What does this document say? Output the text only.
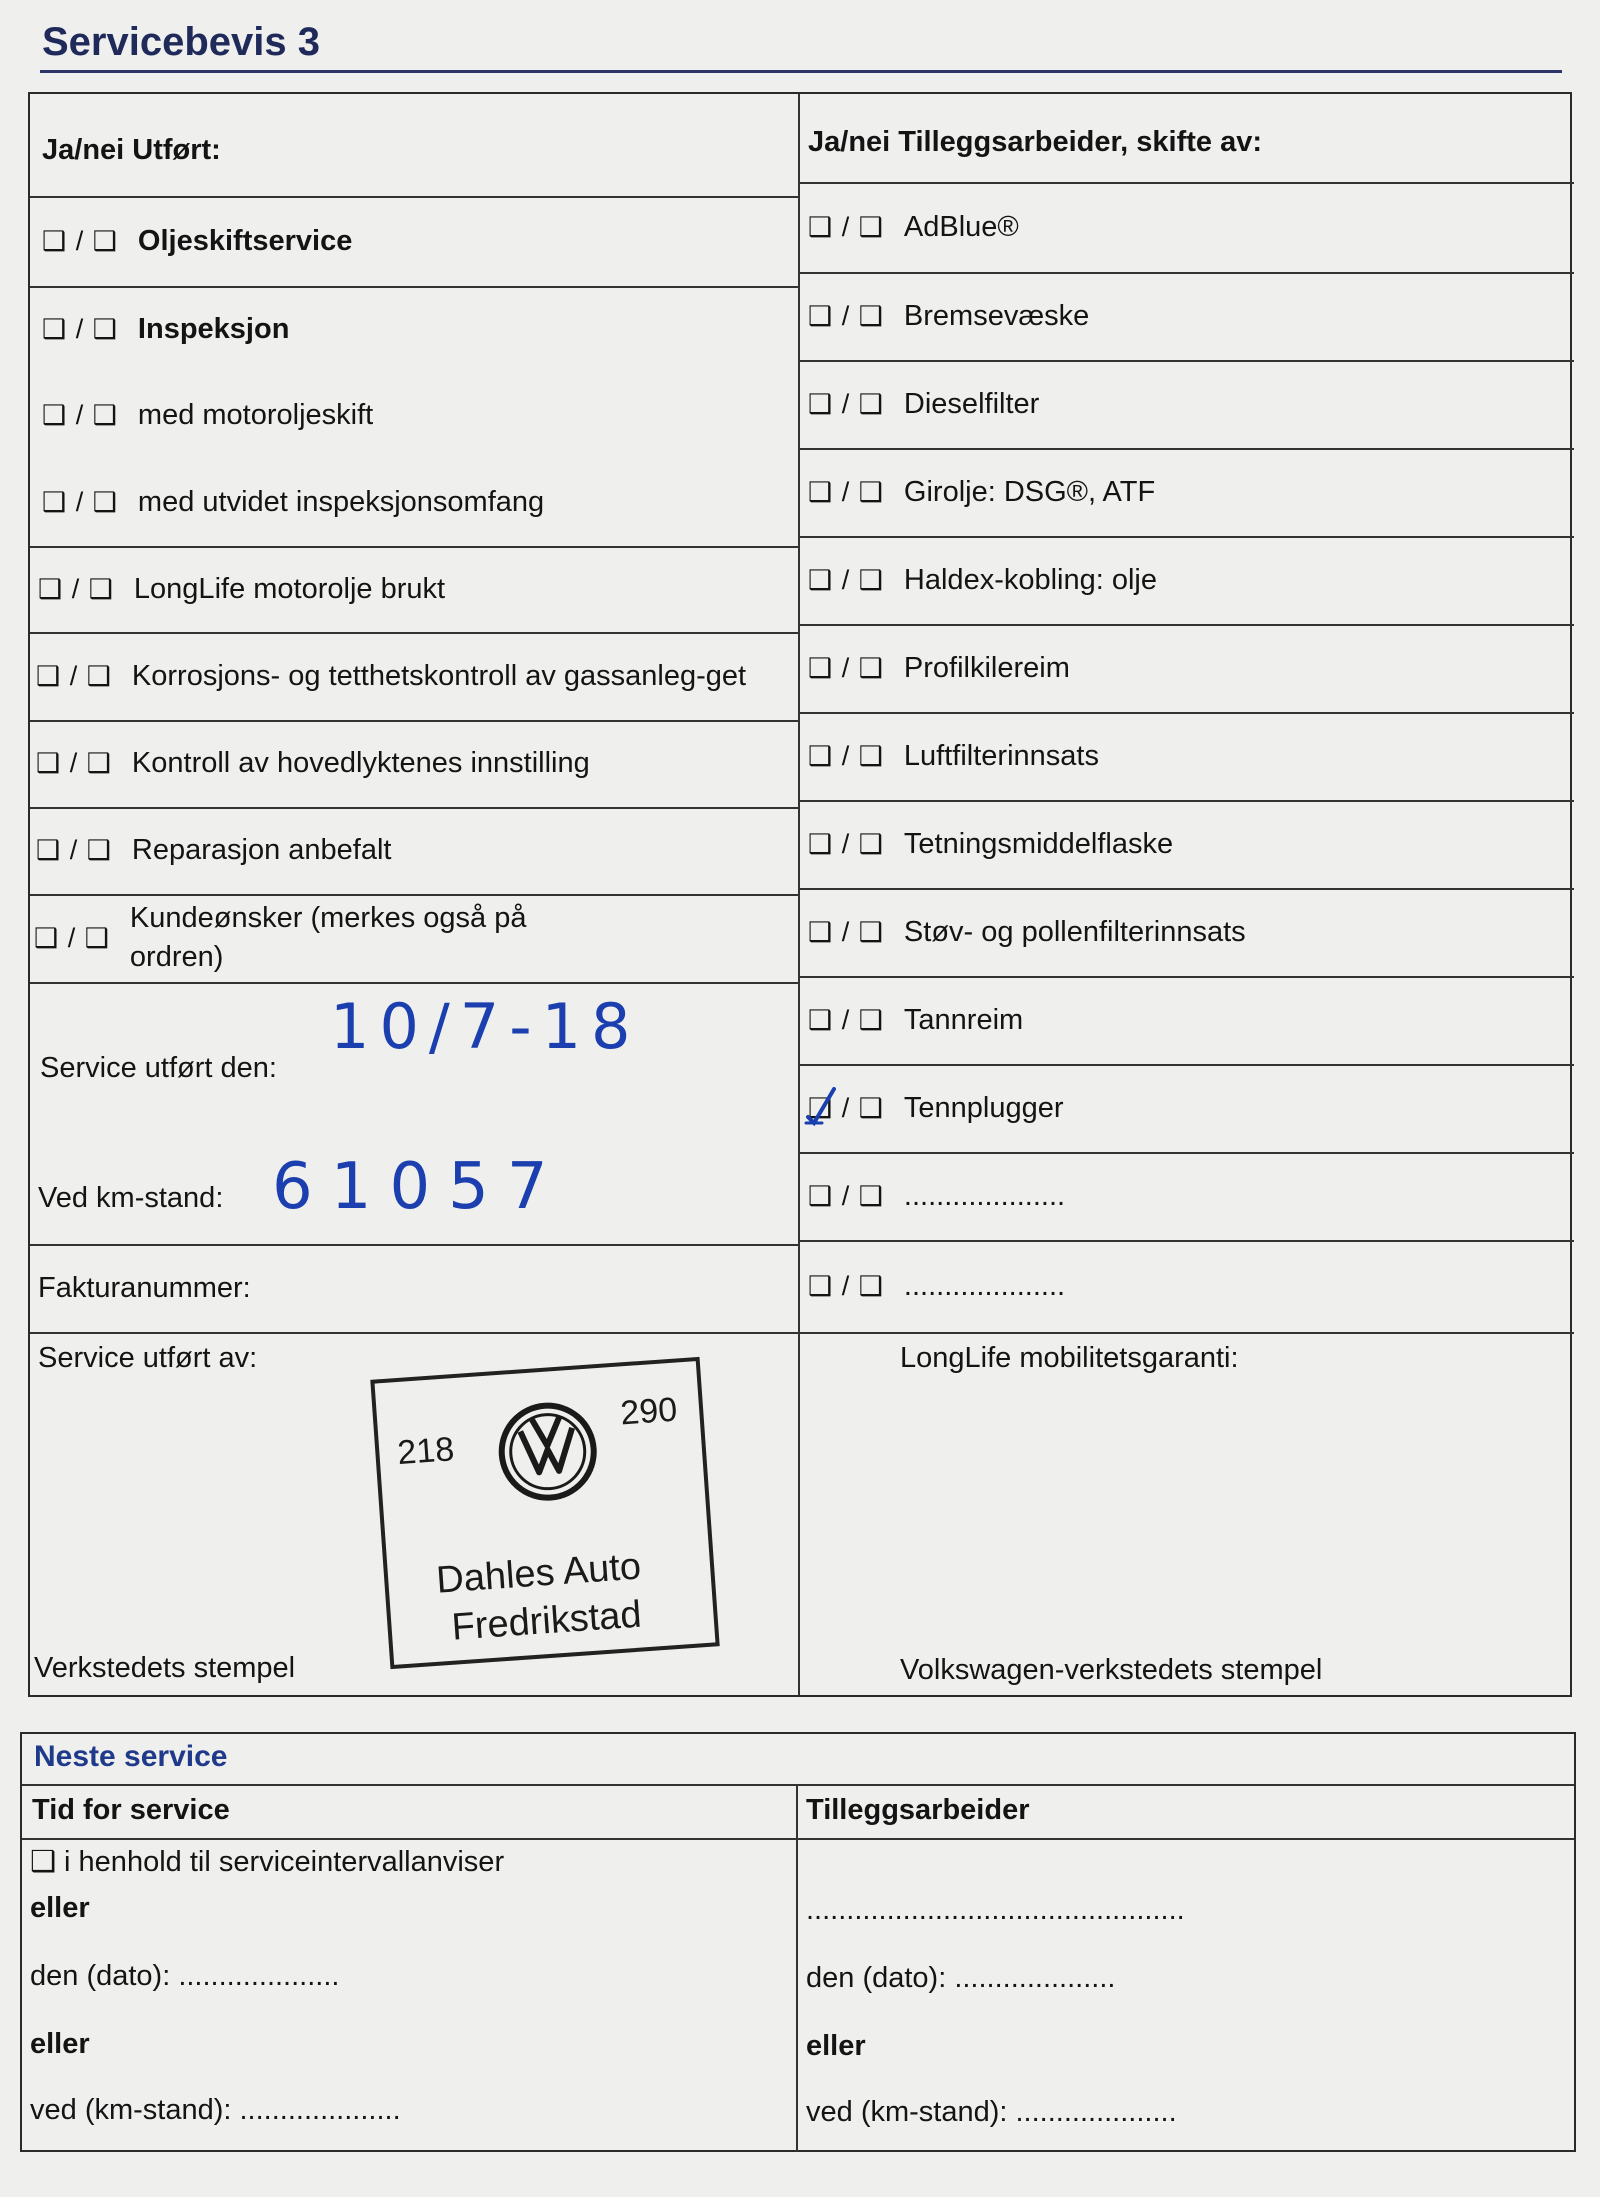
Servicebevis 3
Ja/nei Utført:	Ja/nei Tilleggsarbeider, skifte av:
❑ / ❑ Oljeskiftservice
❑ / ❑ Inspeksjon
❑ / ❑ med motoroljeskift
❑ / ❑ med utvidet inspeksjonsomfang
❑ / ❑ LongLife motorolje brukt
❑ / ❑ Korrosjons- og tetthetskontroll av gassanleg-get
❑ / ❑ Kontroll av hovedlyktenes innstilling
❑ / ❑ Reparasjon anbefalt
❑ / ❑
Kundeønsker (merkes også på ordren)
Service utført den:
10/7-18
Ved km-stand: 61057
Fakturanummer:
Service utført av:
Verkstedets stempel
❑ / ❑ AdBlue®
❑ / ❑ Bremsevæske
❑ / ❑ Dieselfilter
❑ / ❑ Girolje: DSG®, ATF
❑ / ❑ Haldex-kobling: olje
❑ / ❑ Profilkilereim
❑ / ❑ Luftfilterinnsats
❑ / ❑ Tetningsmiddelflaske
❑ / ❑ Støv- og pollenfilterinnsats
❑ / ❑ Tannreim
❑ / ❑ Tennplugger
❑ / ❑ ....................
❑ / ❑ ....................
LongLife mobilitetsgaranti:
Volkswagen-verkstedets stempel
218
290
Dahles Auto
Fredrikstad
Neste service
Tid for service	Tilleggsarbeider
❑ i henhold til serviceintervallanviser
eller
den (dato): ....................
eller
ved (km-stand): ....................
...............................................
den (dato): ....................
eller
ved (km-stand): ....................
